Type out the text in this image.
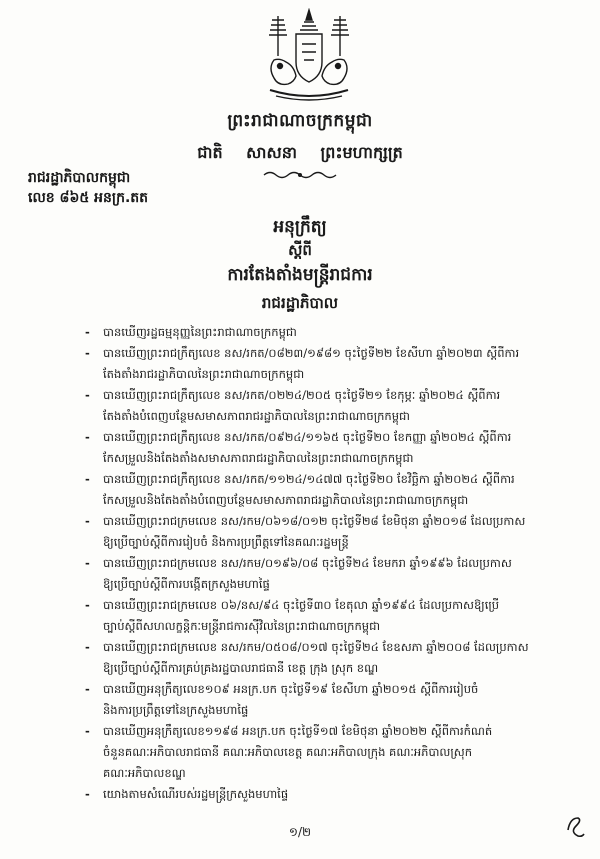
ព្រះរាជាណាចក្រកម្ពុជា
ជាតិ សាសនា ព្រះមហាក្សត្រ
រាជរដ្ឋាភិបាលកម្ពុជា
លេខ ៨៦៥ អនក្រ.តត
អនុក្រឹត្យ
ស្តីពី
ការតែងតាំងមន្ត្រីរាជការ
រាជរដ្ឋាភិបាល
- បានឃើញរដ្ឋធម្មនុញ្ញនៃព្រះរាជាណាចក្រកម្ពុជា
- បានឃើញព្រះរាជក្រឹត្យលេខ នស/រកត/០៨២៣/១៩៨១ ចុះថ្ងៃទី២២ ខែសីហា ឆ្នាំ២០២៣ ស្តីពីការ
តែងតាំងរាជរដ្ឋាភិបាលនៃព្រះរាជាណាចក្រកម្ពុជា
- បានឃើញព្រះរាជក្រឹត្យលេខ នស/រកត/០២២៤/២០៥ ចុះថ្ងៃទី២១ ខែកុម្ភៈ ឆ្នាំ២០២៤ ស្តីពីការ
តែងតាំងបំពេញបន្ថែមសមាសភាពរាជរដ្ឋាភិបាលនៃព្រះរាជាណាចក្រកម្ពុជា
- បានឃើញព្រះរាជក្រឹត្យលេខ នស/រកត/០៩២៤/១១៦៥ ចុះថ្ងៃទី២០ ខែកញ្ញា ឆ្នាំ២០២៤ ស្តីពីការ
កែសម្រួលនិងតែងតាំងសមាសភាពរាជរដ្ឋាភិបាលនៃព្រះរាជាណាចក្រកម្ពុជា
- បានឃើញព្រះរាជក្រឹត្យលេខ នស/រកត/១១២៤/១៤៧៧ ចុះថ្ងៃទី២០ ខែវិច្ឆិកា ឆ្នាំ២០២៤ ស្តីពីការ
កែសម្រួលនិងតែងតាំងបំពេញបន្ថែមសមាសភាពរាជរដ្ឋាភិបាលនៃព្រះរាជាណាចក្រកម្ពុជា
- បានឃើញព្រះរាជក្រមលេខ នស/រកម/០៦១៨/០១២ ចុះថ្ងៃទី២៨ ខែមិថុនា ឆ្នាំ២០១៨ ដែលប្រកាស
ឱ្យប្រើច្បាប់ស្តីពីការរៀបចំ និងការប្រព្រឹត្តទៅនៃគណៈរដ្ឋមន្ត្រី
- បានឃើញព្រះរាជក្រមលេខ នស/រកម/០១៩៦/០៨ ចុះថ្ងៃទី២៤ ខែមករា ឆ្នាំ១៩៩៦ ដែលប្រកាស
ឱ្យប្រើច្បាប់ស្តីពីការបង្កើតក្រសួងមហាផ្ទៃ
- បានឃើញព្រះរាជក្រមលេខ ០៦/នស/៩៤ ចុះថ្ងៃទី៣០ ខែតុលា ឆ្នាំ១៩៩៤ ដែលប្រកាសឱ្យប្រើ
ច្បាប់ស្តីពីសហលក្ខន្តិកៈមន្ត្រីរាជការស៊ីវិលនៃព្រះរាជាណាចក្រកម្ពុជា
- បានឃើញព្រះរាជក្រមលេខ នស/រកម/០៥០៨/០១៧ ចុះថ្ងៃទី២៤ ខែឧសភា ឆ្នាំ២០០៨ ដែលប្រកាស
ឱ្យប្រើច្បាប់ស្តីពីការគ្រប់គ្រងរដ្ឋបាលរាជធានី ខេត្ត ក្រុង ស្រុក ខណ្ឌ
- បានឃើញអនុក្រឹត្យលេខ១០៩ អនក្រ.បក ចុះថ្ងៃទី១៩ ខែសីហា ឆ្នាំ២០១៥ ស្តីពីការរៀបចំ
និងការប្រព្រឹត្តទៅនៃក្រសួងមហាផ្ទៃ
- បានឃើញអនុក្រឹត្យលេខ១១៩៨ អនក្រ.បក ចុះថ្ងៃទី១៧ ខែមិថុនា ឆ្នាំ២០២២ ស្តីពីការកំណត់
ចំនួនគណៈអភិបាលរាជធានី គណៈអភិបាលខេត្ត គណៈអភិបាលក្រុង គណៈអភិបាលស្រុក
គណៈអភិបាលខណ្ឌ
- យោងតាមសំណើរបស់រដ្ឋមន្ត្រីក្រសួងមហាផ្ទៃ
១/២
